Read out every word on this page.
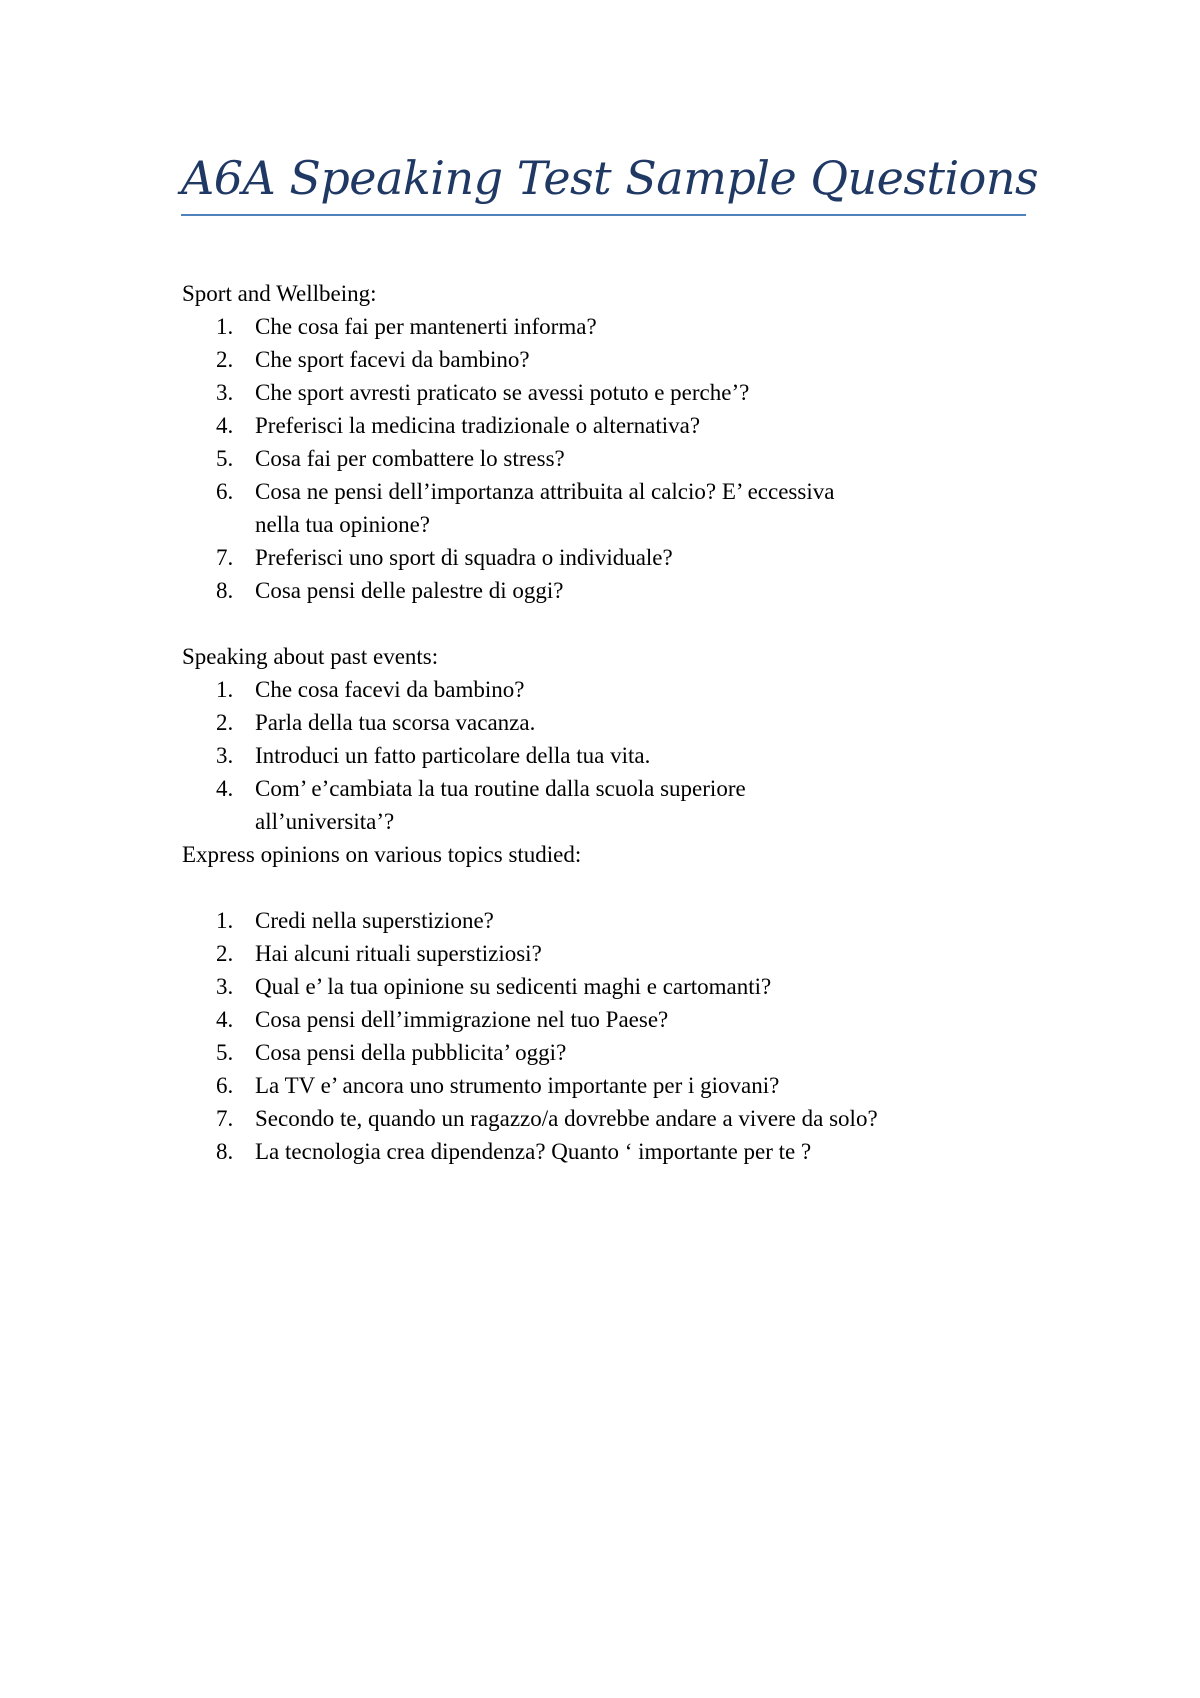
A6A Speaking Test Sample Questions

Sport and Wellbeing:

1. Che cosa fai per mantenerti informa?
2. Che sport facevi da bambino?
3. Che sport avresti praticato se avessi potuto e perche’?
4. Preferisci la medicina tradizionale o alternativa?
5. Cosa fai per combattere lo stress?
6. Cosa ne pensi dell’importanza attribuita al calcio? E’ eccessiva
nella tua opinione?
7. Preferisci uno sport di squadra o individuale?
8. Cosa pensi delle palestre di oggi?

Speaking about past events:

1. Che cosa facevi da bambino?
2. Parla della tua scorsa vacanza.
3. Introduci un fatto particolare della tua vita.
4. Com’ e’cambiata la tua routine dalla scuola superiore
all’universita’?

Express opinions on various topics studied:

1. Credi nella superstizione?
2. Hai alcuni rituali superstiziosi?
3. Qual e’ la tua opinione su sedicenti maghi e cartomanti?
4. Cosa pensi dell’immigrazione nel tuo Paese?
5. Cosa pensi della pubblicita’ oggi?
6. La TV e’ ancora uno strumento importante per i giovani?
7. Secondo te, quando un ragazzo/a dovrebbe andare a vivere da solo?
8. La tecnologia crea dipendenza? Quanto ‘ importante per te ?
